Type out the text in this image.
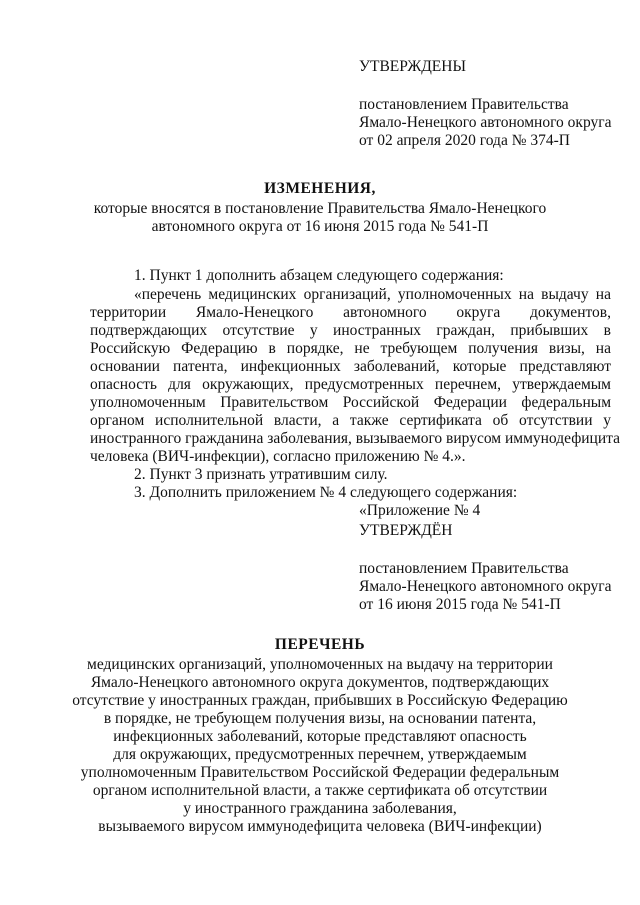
УТВЕРЖДЕНЫ
постановлением Правительства
Ямало-Ненецкого автономного округа
от 02 апреля 2020 года № 374-П
ИЗМЕНЕНИЯ,
которые вносятся в постановление Правительства Ямало-Ненецкого
автономного округа от 16 июня 2015 года № 541-П
1. Пункт 1 дополнить абзацем следующего содержания:
«перечень медицинских организаций, уполномоченных на выдачу на
территории Ямало-Ненецкого автономного округа документов,
подтверждающих отсутствие у иностранных граждан, прибывших в
Российскую Федерацию в порядке, не требующем получения визы, на
основании патента, инфекционных заболеваний, которые представляют
опасность для окружающих, предусмотренных перечнем, утверждаемым
уполномоченным Правительством Российской Федерации федеральным
органом исполнительной власти, а также сертификата об отсутствии у
иностранного гражданина заболевания, вызываемого вирусом иммунодефицита
человека (ВИЧ-инфекции), согласно приложению № 4.».
2. Пункт 3 признать утратившим силу.
3. Дополнить приложением № 4 следующего содержания:
«Приложение № 4
УТВЕРЖДЁН
постановлением Правительства
Ямало-Ненецкого автономного округа
от 16 июня 2015 года № 541-П
ПЕРЕЧЕНЬ
медицинских организаций, уполномоченных на выдачу на территории
Ямало-Ненецкого автономного округа документов, подтверждающих
отсутствие у иностранных граждан, прибывших в Российскую Федерацию
в порядке, не требующем получения визы, на основании патента,
инфекционных заболеваний, которые представляют опасность
для окружающих, предусмотренных перечнем, утверждаемым
уполномоченным Правительством Российской Федерации федеральным
органом исполнительной власти, а также сертификата об отсутствии
у иностранного гражданина заболевания,
вызываемого вирусом иммунодефицита человека (ВИЧ-инфекции)
